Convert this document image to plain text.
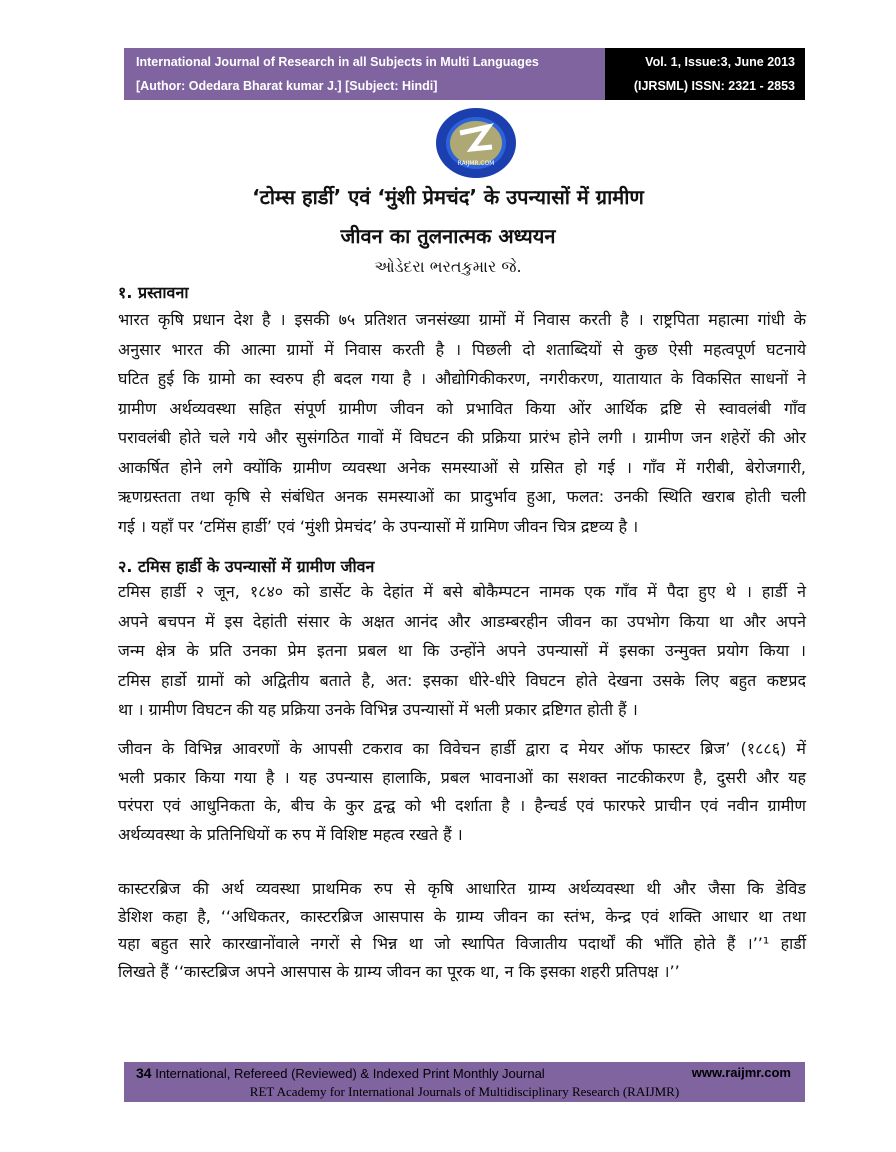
International Journal of Research in all Subjects in Multi Languages
[Author: Odedara Bharat kumar J.] [Subject: Hindi]
Vol. 1, Issue:3, June 2013
(IJRSML) ISSN: 2321 - 2853
RAIJMR.COM
‘टोम्स हार्डी’ एवं ‘मुंशी प्रेमचंद’ के उपन्यासों में ग्रामीण
जीवन का तुलनात्मक अध्ययन
ઓડેદરા ભરતકુમાર જે.
१. प्रस्तावना
भारत कृषि प्रधान देश है । इसकी ७५ प्रतिशत जनसंख्या ग्रामों में निवास करती है । राष्ट्रपिता महात्मा गांधी के
अनुसार भारत की आत्मा ग्रामों में निवास करती है । पिछली दो शताब्दियों से कुछ ऐसी महत्वपूर्ण घटनाये
घटित हुई कि ग्रामो का स्वरुप ही बदल गया है । औद्योगिकीकरण, नगरीकरण, यातायात के विकसित साधनों ने
ग्रामीण अर्थव्यवस्था सहित संपूर्ण ग्रामीण जीवन को प्रभावित किया ओंर आर्थिक द्रष्टि से स्वावलंबी गाँव
परावलंबी होते चले गये और सुसंगठित गावों में विघटन की प्रक्रिया प्रारंभ होने लगी । ग्रामीण जन शहेरों की ओर
आकर्षित होने लगे क्योंकि ग्रामीण व्यवस्था अनेक समस्याओं से ग्रसित हो गई । गाँव में गरीबी, बेरोजगारी,
ऋणग्रस्तता तथा कृषि से संबंधित अनक समस्याओं का प्रादुर्भाव हुआ, फलत: उनकी स्थिति खराब होती चली
गई । यहाँ पर ‘टमिंस हार्डी’ एवं ‘मुंशी प्रेमचंद’ के उपन्यासों में ग्रामिण जीवन चित्र द्रष्टव्य है ।
२. टमिस हार्डी के उपन्यासों में ग्रामीण जीवन
टमिस हार्डी २ जून, १८४० को डार्सेट के देहांत में बसे बोकैम्पटन नामक एक गाँव में पैदा हुए थे । हार्डी ने
अपने बचपन में इस देहांती संसार के अक्षत आनंद और आडम्बरहीन जीवन का उपभोग किया था और अपने
जन्म क्षेत्र के प्रति उनका प्रेम इतना प्रबल था कि उन्होंने अपने उपन्यासों में इसका उन्मुक्त प्रयोग किया ।
टमिस हार्डो ग्रामों को अद्वितीय बताते है, अत: इसका धीरे-धीरे विघटन होते देखना उसके लिए बहुत कष्टप्रद
था । ग्रामीण विघटन की यह प्रक्रिया उनके विभिन्न उपन्यासों में भली प्रकार द्रष्टिगत होती हैं ।
जीवन के विभिन्न आवरणों के आपसी टकराव का विवेचन हार्डी द्वारा द मेयर ऑफ फास्टर ब्रिज’ (१८८६) में
भली प्रकार किया गया है । यह उपन्यास हालाकि, प्रबल भावनाओं का सशक्त नाटकीकरण है, दुसरी और यह
परंपरा एवं आधुनिकता के, बीच के कुर द्वन्द्व को भी दर्शाता है । हैन्चर्ड एवं फारफरे प्राचीन एवं नवीन ग्रामीण
अर्थव्यवस्था के प्रतिनिधियों क रुप में विशिष्ट महत्व रखते हैं ।
कास्टरब्रिज की अर्थ व्यवस्था प्राथमिक रुप से कृषि आधारित ग्राम्य अर्थव्यवस्था थी और जैसा कि डेविड
डेशिश कहा है, ‘‘अधिकतर, कास्टरब्रिज आसपास के ग्राम्य जीवन का स्तंभ, केन्द्र एवं शक्ति आधार था तथा
यहा बहुत सारे कारखानोंवाले नगरों से भिन्न था जो स्थापित विजातीय पदार्थों की भाँति होते हैं ।’’¹ हार्डी
लिखते हैं ‘‘कास्टब्रिज अपने आसपास के ग्राम्य जीवन का पूरक था, न कि इसका शहरी प्रतिपक्ष ।’’
34 International, Refereed (Reviewed) & Indexed Print Monthly Journal	www.raijmr.com
RET Academy for International Journals of Multidisciplinary Research (RAIJMR)
